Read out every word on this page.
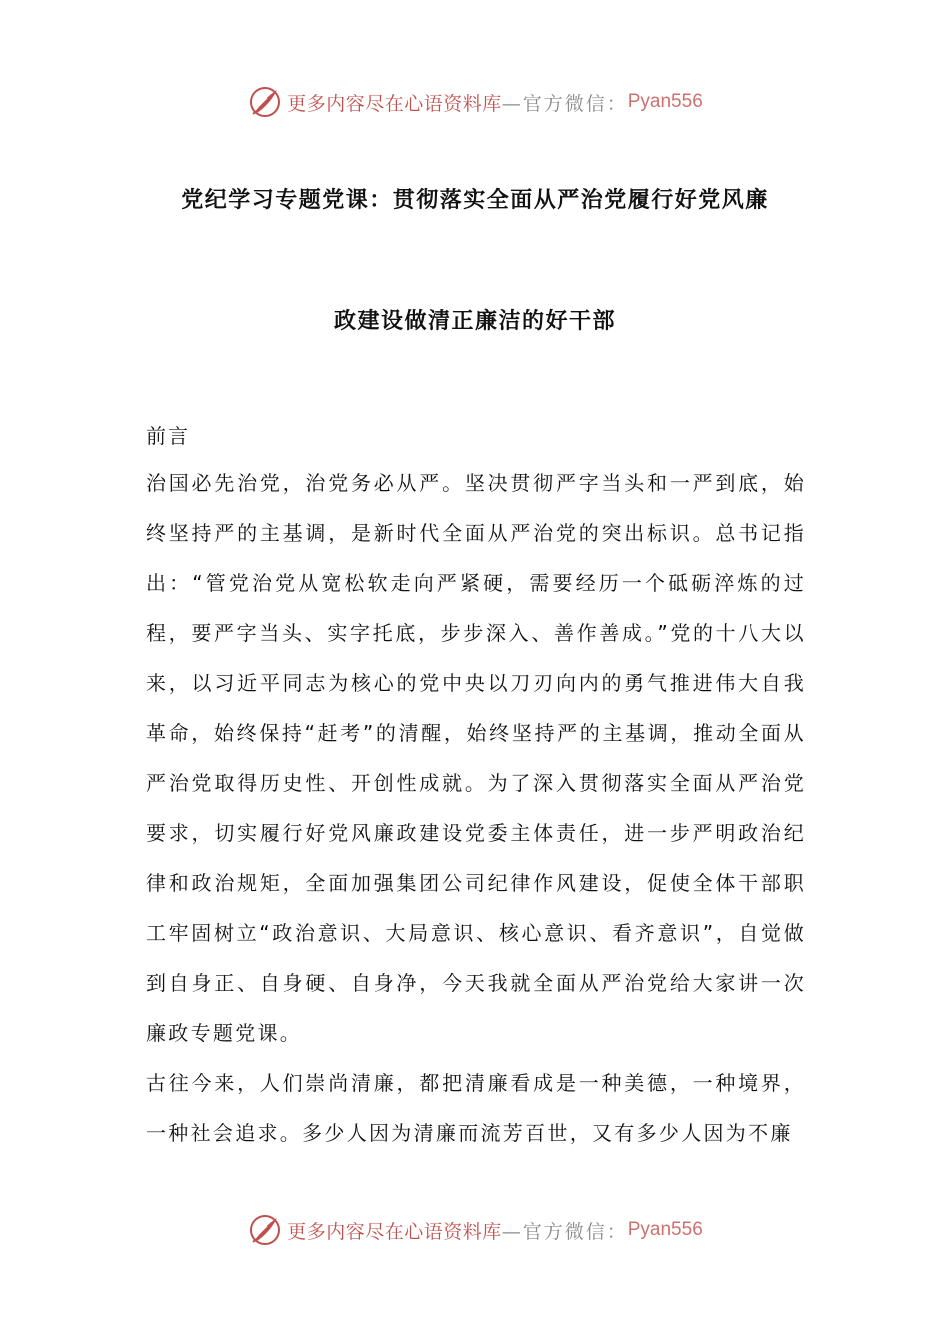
更多内容尽在心语资料库 —官方微信： Pyan556
党纪学习专题党课：贯彻落实全面从严治党履行好党风廉
政建设做清正廉洁的好干部
前言

治国必先治党，治党务必从严。坚决贯彻严字当头和一严到底，始终坚持严的主基调，是新时代全面从严治党的突出标识。总书记指出：“管党治党从宽松软走向严紧硬，需要经历一个砥砺淬炼的过程，要严字当头、实字托底，步步深入、善作善成。”党的十八大以来，以习近平同志为核心的党中央以刀刃向内的勇气推进伟大自我革命，始终保持“赶考”的清醒，始终坚持严的主基调，推动全面从严治党取得历史性、开创性成就。为了深入贯彻落实全面从严治党要求，切实履行好党风廉政建设党委主体责任，进一步严明政治纪律和政治规矩，全面加强集团公司纪律作风建设，促使全体干部职工牢固树立“政治意识、大局意识、核心意识、看齐意识”，自觉做到自身正、自身硬、自身净，今天我就全面从严治党给大家讲一次廉政专题党课。

古往今来，人们崇尚清廉，都把清廉看成是一种美德，一种境界，一种社会追求。多少人因为清廉而流芳百世，又有多少人因为不廉

更多内容尽在心语资料库 —官方微信： Pyan556
